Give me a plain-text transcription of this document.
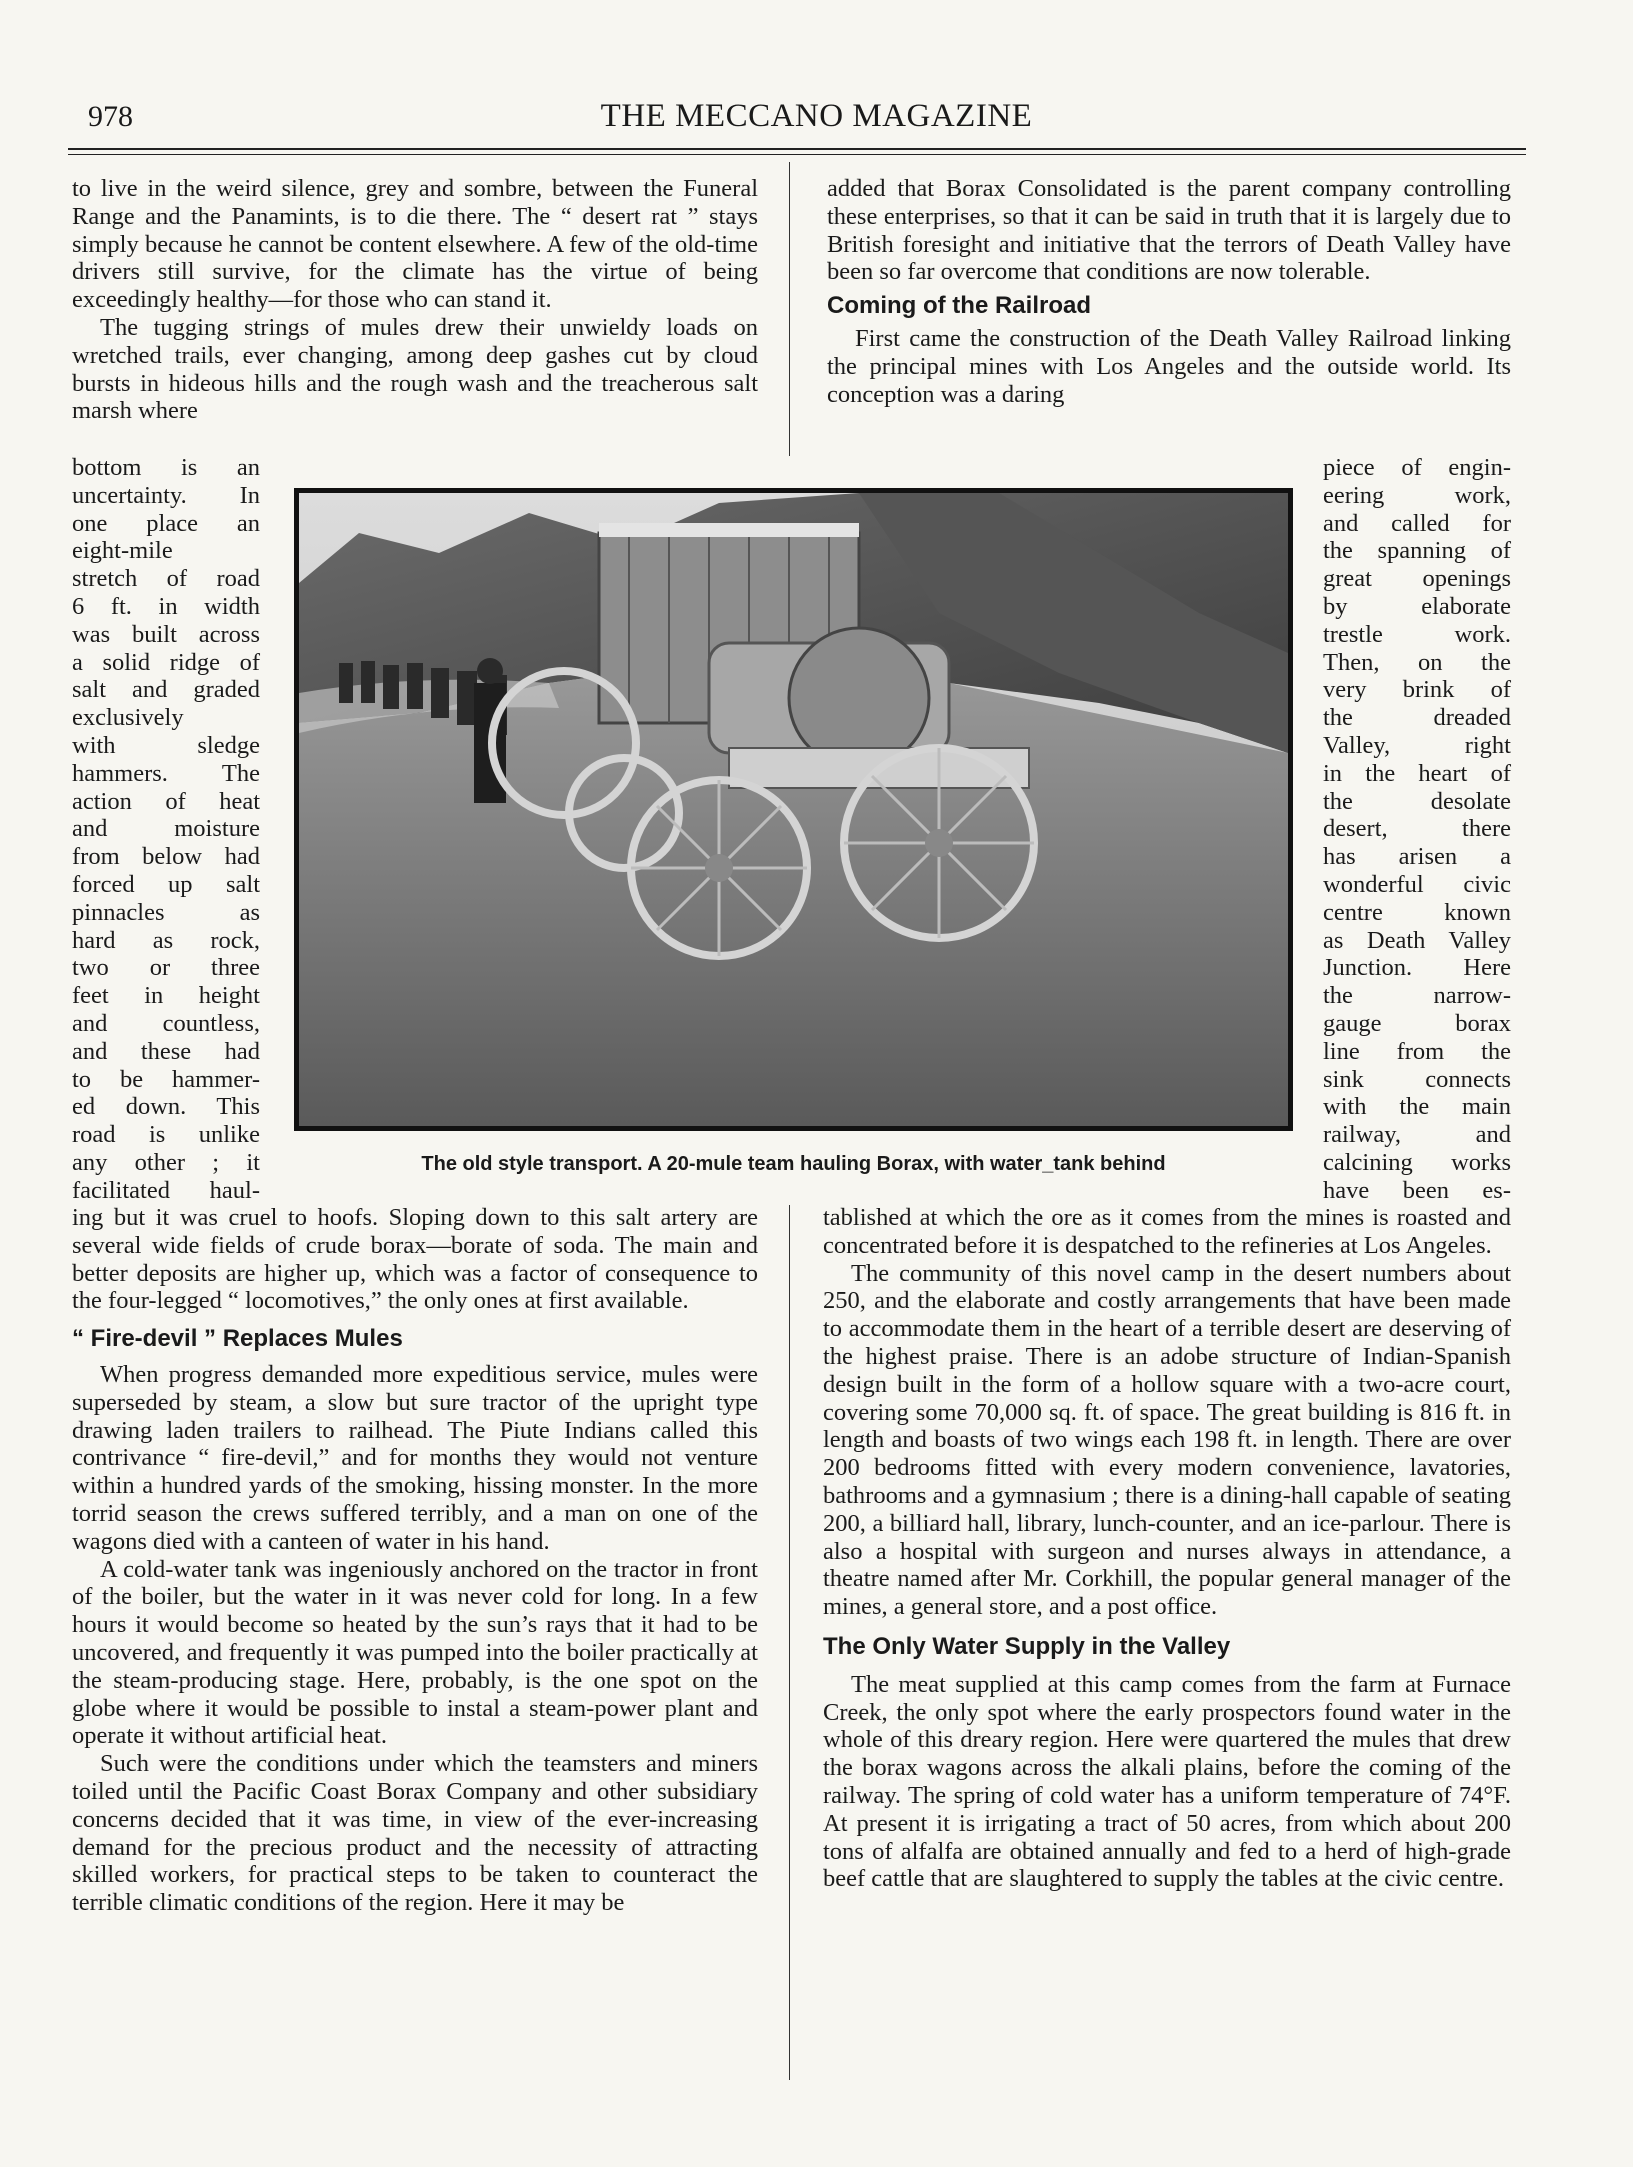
978	THE MECCANO MAGAZINE

to live in the weird silence, grey and sombre, between the Funeral Range and the Panamints, is to die there. The “ desert rat ” stays simply because he cannot be content elsewhere. A few of the old-time drivers still survive, for the climate has the virtue of being exceedingly healthy—for those who can stand it.

The tugging strings of mules drew their unwieldy loads on wretched trails, ever changing, among deep gashes cut by cloud bursts in hideous hills and the rough wash and the treacherous salt marsh where

bottom is an

uncertainty. In

one place an

eight-mile

stretch of road

6 ft. in width

was built across

a solid ridge of

salt and graded

exclusively

with sledge

hammers. The

action of heat

and moisture

from below had

forced up salt

pinnacles as

hard as rock,

two or three

feet in height

and countless,

and these had

to be hammer-

ed down. This

road is unlike

any other ; it

facilitated haul-

added that Borax Consolidated is the parent company controlling these enterprises, so that it can be said in truth that it is largely due to British foresight and initiative that the terrors of Death Valley have been so far overcome that conditions are now tolerable.

Coming of the Railroad

First came the construction of the Death Valley Railroad linking the principal mines with Los Angeles and the outside world. Its conception was a daring

piece of engin-

eering work,

and called for

the spanning of

great openings

by elaborate

trestle work.

Then, on the

very brink of

the dreaded

Valley, right

in the heart of

the desolate

desert, there

has arisen a

wonderful civic

centre known

as Death Valley

Junction. Here

the narrow-

gauge borax

line from the

sink connects

with the main

railway, and

calcining works

have been es-

The old style transport. A 20-mule team hauling Borax, with water_tank behind

ing but it was cruel to hoofs. Sloping down to this salt artery are several wide fields of crude borax—borate of soda. The main and better deposits are higher up, which was a factor of consequence to the four-legged “ locomotives,” the only ones at first available.

“ Fire-devil ” Replaces Mules

When progress demanded more expeditious service, mules were superseded by steam, a slow but sure tractor of the upright type drawing laden trailers to railhead. The Piute Indians called this contrivance “ fire-devil,” and for months they would not venture within a hundred yards of the smoking, hissing monster. In the more torrid season the crews suffered terribly, and a man on one of the wagons died with a canteen of water in his hand.

A cold-water tank was ingeniously anchored on the tractor in front of the boiler, but the water in it was never cold for long. In a few hours it would become so heated by the sun’s rays that it had to be uncovered, and frequently it was pumped into the boiler practically at the steam-producing stage. Here, probably, is the one spot on the globe where it would be possible to instal a steam-power plant and operate it without artificial heat.

Such were the conditions under which the teamsters and miners toiled until the Pacific Coast Borax Company and other subsidiary concerns decided that it was time, in view of the ever-increasing demand for the precious product and the necessity of attracting skilled workers, for practical steps to be taken to counteract the terrible climatic conditions of the region. Here it may be

tablished at which the ore as it comes from the mines is roasted and concentrated before it is despatched to the refineries at Los Angeles.

The community of this novel camp in the desert numbers about 250, and the elaborate and costly arrangements that have been made to accommodate them in the heart of a terrible desert are deserving of the highest praise. There is an adobe structure of Indian-Spanish design built in the form of a hollow square with a two-acre court, covering some 70,000 sq. ft. of space. The great building is 816 ft. in length and boasts of two wings each 198 ft. in length. There are over 200 bedrooms fitted with every modern convenience, lavatories, bathrooms and a gymnasium ; there is a dining-hall capable of seating 200, a billiard hall, library, lunch-counter, and an ice-parlour. There is also a hospital with surgeon and nurses always in attendance, a theatre named after Mr. Corkhill, the popular general manager of the mines, a general store, and a post office.

The Only Water Supply in the Valley

The meat supplied at this camp comes from the farm at Furnace Creek, the only spot where the early prospectors found water in the whole of this dreary region. Here were quartered the mules that drew the borax wagons across the alkali plains, before the coming of the railway. The spring of cold water has a uniform temperature of 74°F. At present it is irrigating a tract of 50 acres, from which about 200 tons of alfalfa are obtained annually and fed to a herd of high-grade beef cattle that are slaughtered to supply the tables at the civic centre.
